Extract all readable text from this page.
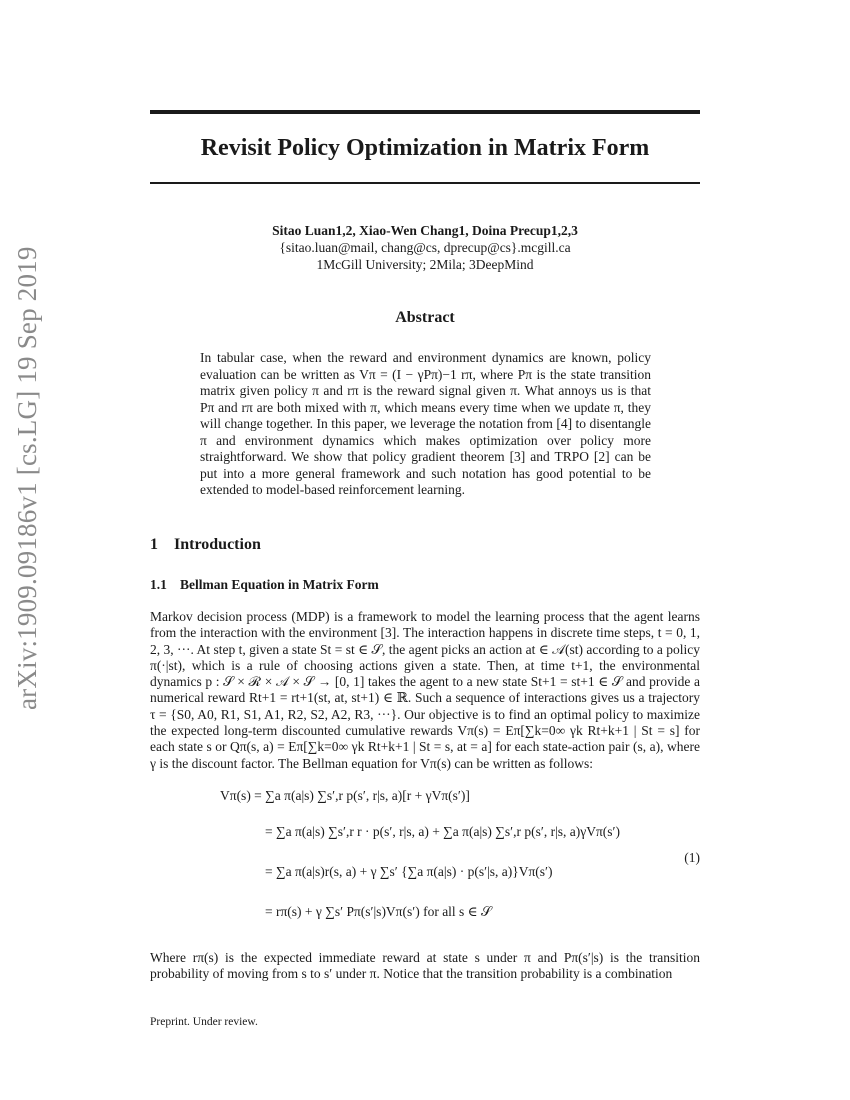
Revisit Policy Optimization in Matrix Form
arXiv:1909.09186v1 [cs.LG] 19 Sep 2019
Sitao Luan1,2, Xiao-Wen Chang1, Doina Precup1,2,3
{sitao.luan@mail, chang@cs, dprecup@cs}.mcgill.ca
1McGill University; 2Mila; 3DeepMind
Abstract

In tabular case, when the reward and environment dynamics are known, policy evaluation can be written as Vπ = (I − γPπ)−1 rπ, where Pπ is the state transition matrix given policy π and rπ is the reward signal given π. What annoys us is that Pπ and rπ are both mixed with π, which means every time when we update π, they will change together. In this paper, we leverage the notation from [4] to disentangle π and environment dynamics which makes optimization over policy more straightforward. We show that policy gradient theorem [3] and TRPO [2] can be put into a more general framework and such notation has good potential to be extended to model-based reinforcement learning.

1 Introduction
1.1 Bellman Equation in Matrix Form

Markov decision process (MDP) is a framework to model the learning process that the agent learns from the interaction with the environment [3]. The interaction happens in discrete time steps, t = 0, 1, 2, 3, ···. At step t, given a state St = st ∈ 𝒮, the agent picks an action at ∈ 𝒜(st) according to a policy π(·|st), which is a rule of choosing actions given a state. Then, at time t+1, the environmental dynamics p : 𝒮 × ℛ × 𝒜 × 𝒮 → [0, 1] takes the agent to a new state St+1 = st+1 ∈ 𝒮 and provide a numerical reward Rt+1 = rt+1(st, at, st+1) ∈ ℝ. Such a sequence of interactions gives us a trajectory τ = {S0, A0, R1, S1, A1, R2, S2, A2, R3, ···}. Our objective is to find an optimal policy to maximize the expected long-term discounted cumulative rewards Vπ(s) = Eπ[∑k=0∞ γk Rt+k+1 | St = s] for each state s or Qπ(s, a) = Eπ[∑k=0∞ γk Rt+k+1 | St = s, at = a] for each state-action pair (s, a), where γ is the discount factor. The Bellman equation for Vπ(s) can be written as follows:

Vπ(s) = ∑a π(a|s) ∑s′,r p(s′, r|s, a)[r + γVπ(s′)]
= ∑a π(a|s) ∑s′,r r · p(s′, r|s, a) + ∑a π(a|s) ∑s′,r p(s′, r|s, a)γVπ(s′)
= ∑a π(a|s)r(s, a) + γ ∑s′ {∑a π(a|s) · p(s′|s, a)}Vπ(s′)
= rπ(s) + γ ∑s′ Pπ(s′|s)Vπ(s′) for all s ∈ 𝒮
(1)

Where rπ(s) is the expected immediate reward at state s under π and Pπ(s′|s) is the transition probability of moving from s to s′ under π. Notice that the transition probability is a combination

Preprint. Under review.
